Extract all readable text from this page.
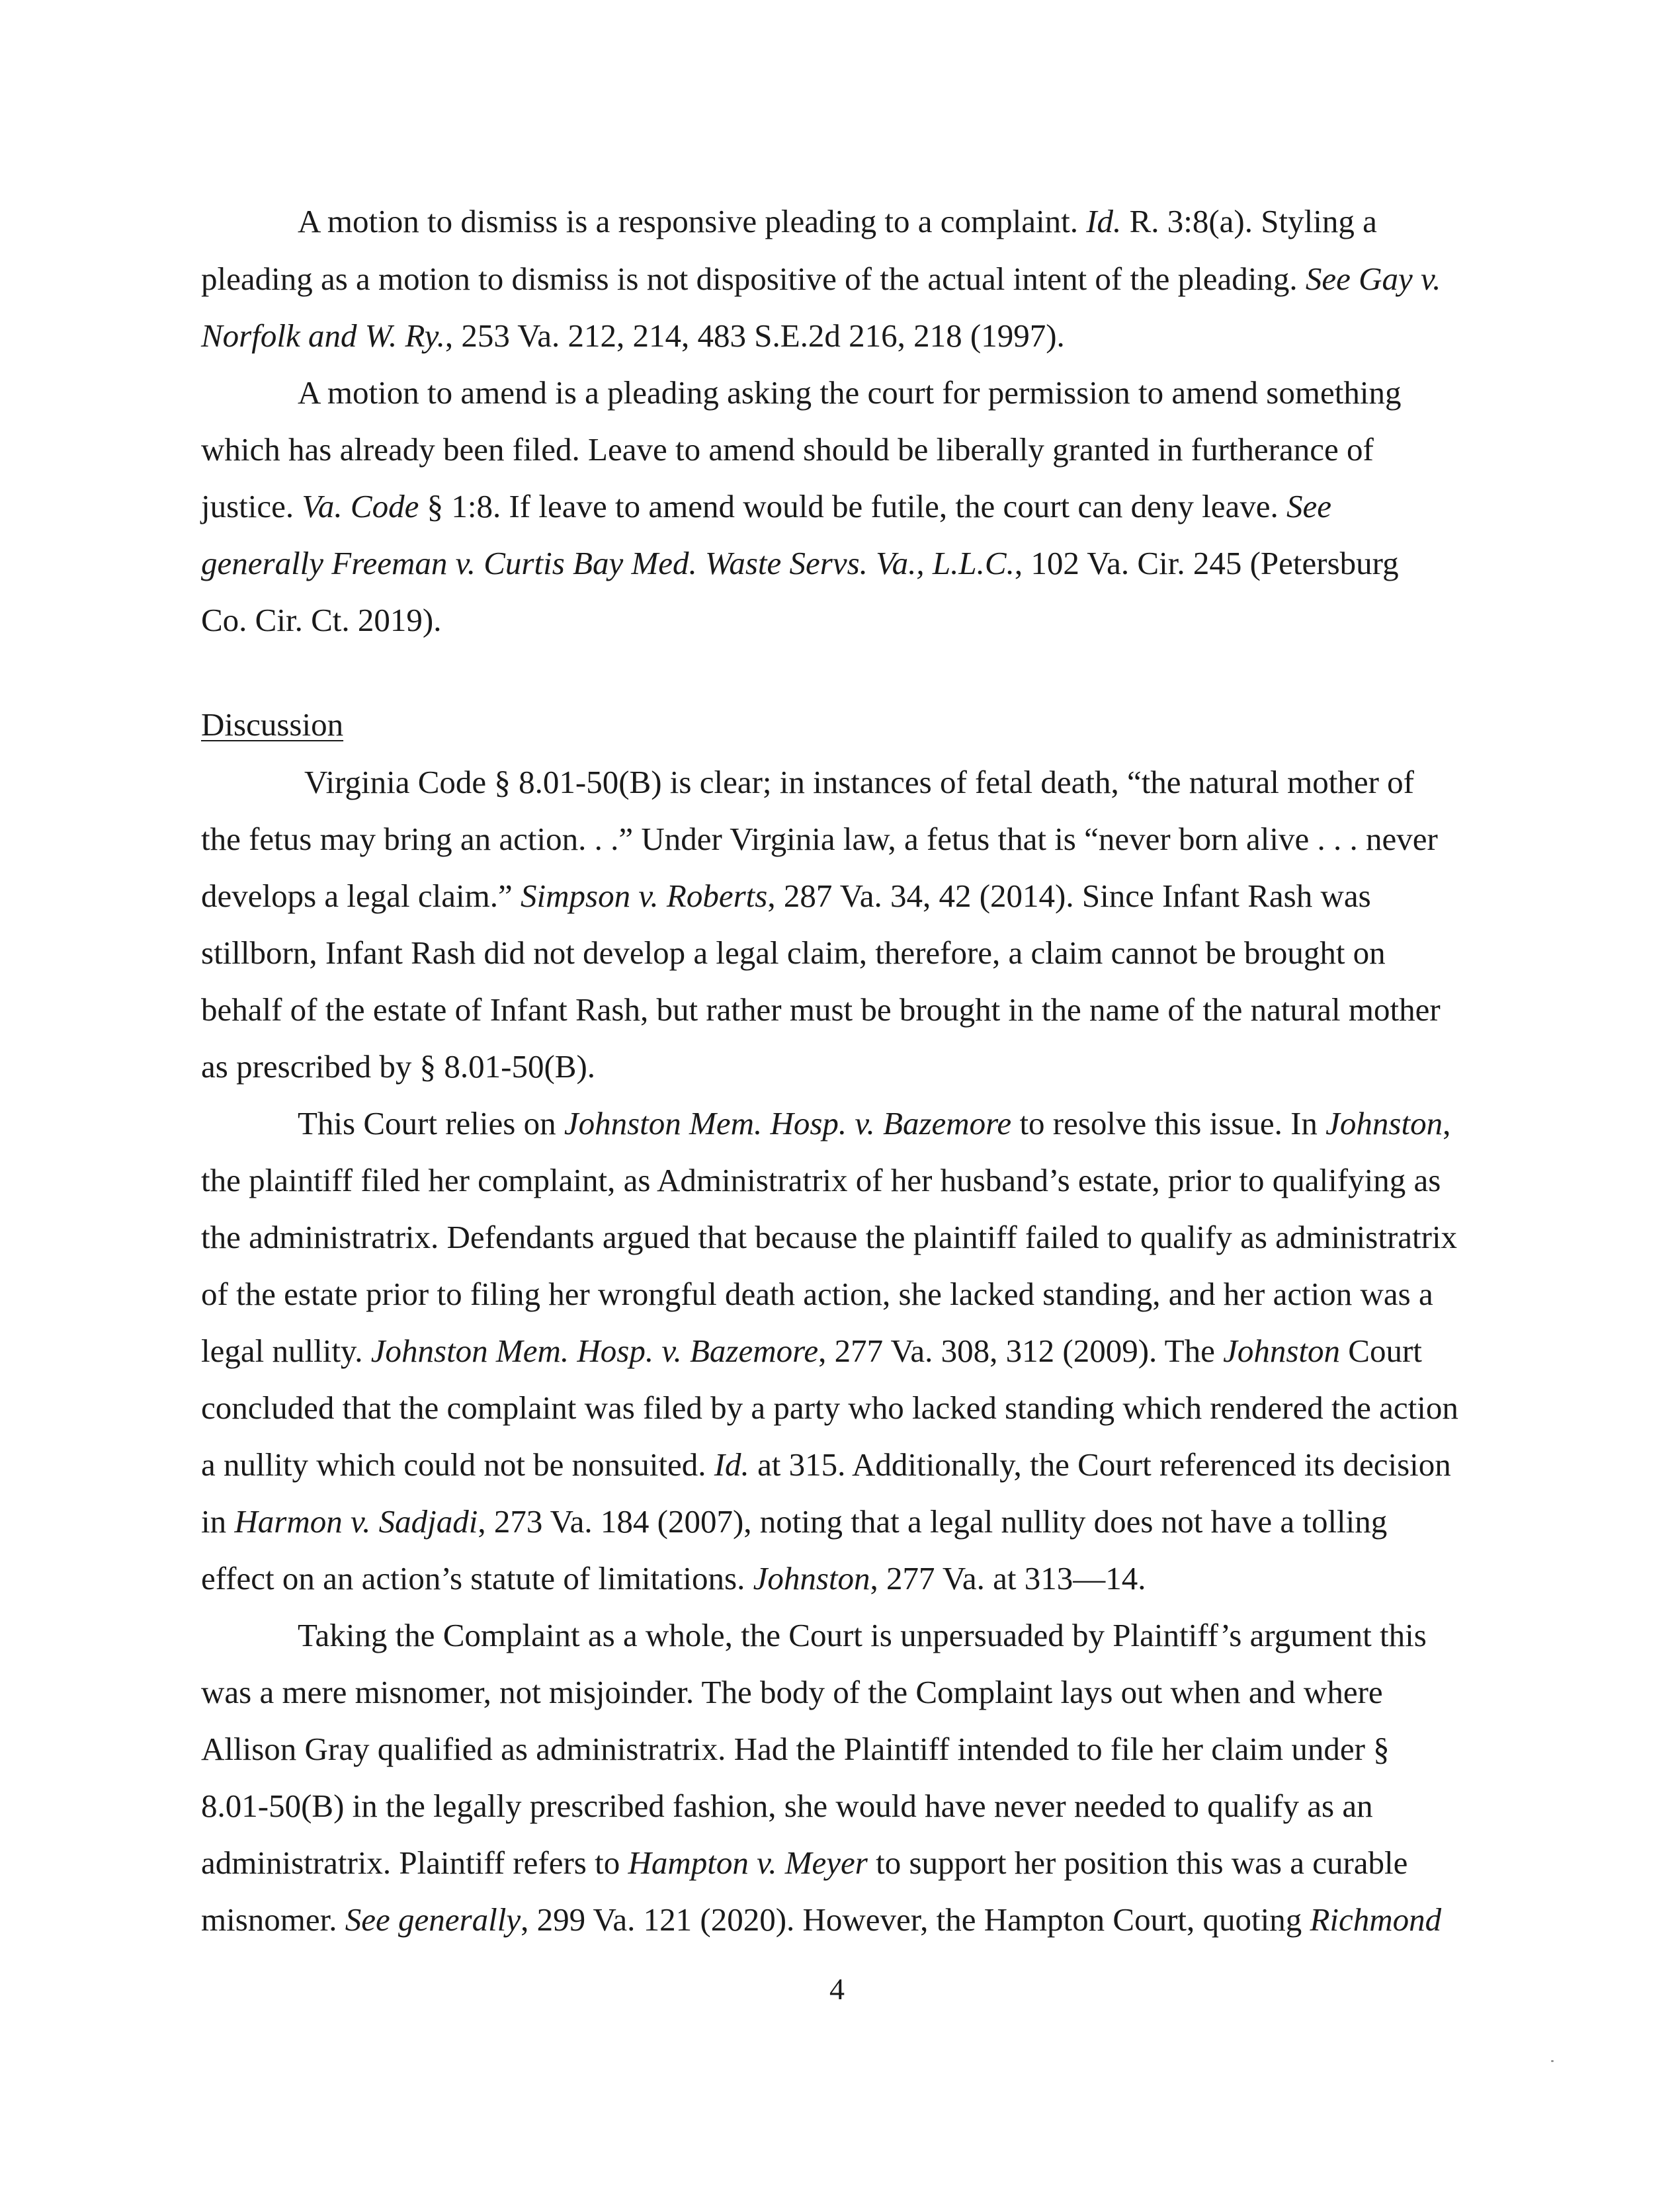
A motion to dismiss is a responsive pleading to a complaint. Id. R. 3:8(a). Styling a
pleading as a motion to dismiss is not dispositive of the actual intent of the pleading. See Gay v.
Norfolk and W. Ry., 253 Va. 212, 214, 483 S.E.2d 216, 218 (1997).
A motion to amend is a pleading asking the court for permission to amend something
which has already been filed. Leave to amend should be liberally granted in furtherance of
justice. Va. Code § 1:8. If leave to amend would be futile, the court can deny leave. See
generally Freeman v. Curtis Bay Med. Waste Servs. Va., L.L.C., 102 Va. Cir. 245 (Petersburg
Co. Cir. Ct. 2019).
Discussion
Virginia Code § 8.01-50(B) is clear; in instances of fetal death, “the natural mother of
the fetus may bring an action. . .” Under Virginia law, a fetus that is “never born alive . . . never
develops a legal claim.” Simpson v. Roberts, 287 Va. 34, 42 (2014). Since Infant Rash was
stillborn, Infant Rash did not develop a legal claim, therefore, a claim cannot be brought on
behalf of the estate of Infant Rash, but rather must be brought in the name of the natural mother
as prescribed by § 8.01-50(B).
This Court relies on Johnston Mem. Hosp. v. Bazemore to resolve this issue. In Johnston,
the plaintiff filed her complaint, as Administratrix of her husband’s estate, prior to qualifying as
the administratrix. Defendants argued that because the plaintiff failed to qualify as administratrix
of the estate prior to filing her wrongful death action, she lacked standing, and her action was a
legal nullity. Johnston Mem. Hosp. v. Bazemore, 277 Va. 308, 312 (2009). The Johnston Court
concluded that the complaint was filed by a party who lacked standing which rendered the action
a nullity which could not be nonsuited. Id. at 315. Additionally, the Court referenced its decision
in Harmon v. Sadjadi, 273 Va. 184 (2007), noting that a legal nullity does not have a tolling
effect on an action’s statute of limitations. Johnston, 277 Va. at 313—14.
Taking the Complaint as a whole, the Court is unpersuaded by Plaintiff’s argument this
was a mere misnomer, not misjoinder. The body of the Complaint lays out when and where
Allison Gray qualified as administratrix. Had the Plaintiff intended to file her claim under §
8.01-50(B) in the legally prescribed fashion, she would have never needed to qualify as an
administratrix. Plaintiff refers to Hampton v. Meyer to support her position this was a curable
misnomer. See generally, 299 Va. 121 (2020). However, the Hampton Court, quoting Richmond
4
